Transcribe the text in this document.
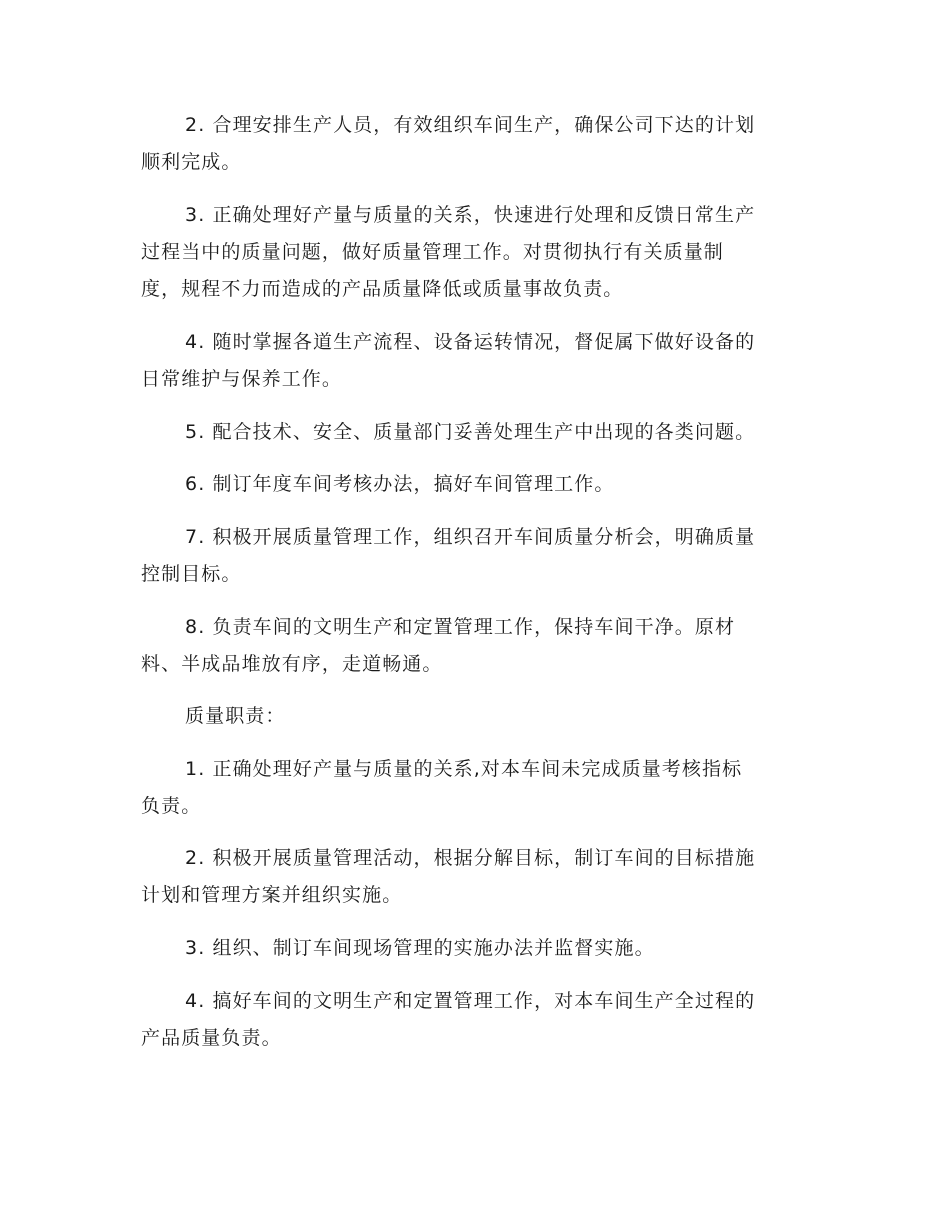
2. 合理安排生产人员，有效组织车间生产，确保公司下达的计划
顺利完成。
3. 正确处理好产量与质量的关系，快速进行处理和反馈日常生产
过程当中的质量问题，做好质量管理工作。对贯彻执行有关质量制
度，规程不力而造成的产品质量降低或质量事故负责。
4. 随时掌握各道生产流程、设备运转情况，督促属下做好设备的
日常维护与保养工作。
5. 配合技术、安全、质量部门妥善处理生产中出现的各类问题。
6. 制订年度车间考核办法，搞好车间管理工作。
7. 积极开展质量管理工作，组织召开车间质量分析会，明确质量
控制目标。
8. 负责车间的文明生产和定置管理工作，保持车间干净。原材
料、半成品堆放有序，走道畅通。
质量职责：
1. 正确处理好产量与质量的关系,对本车间未完成质量考核指标
负责。
2. 积极开展质量管理活动，根据分解目标，制订车间的目标措施
计划和管理方案并组织实施。
3. 组织、制订车间现场管理的实施办法并监督实施。
4. 搞好车间的文明生产和定置管理工作，对本车间生产全过程的
产品质量负责。
